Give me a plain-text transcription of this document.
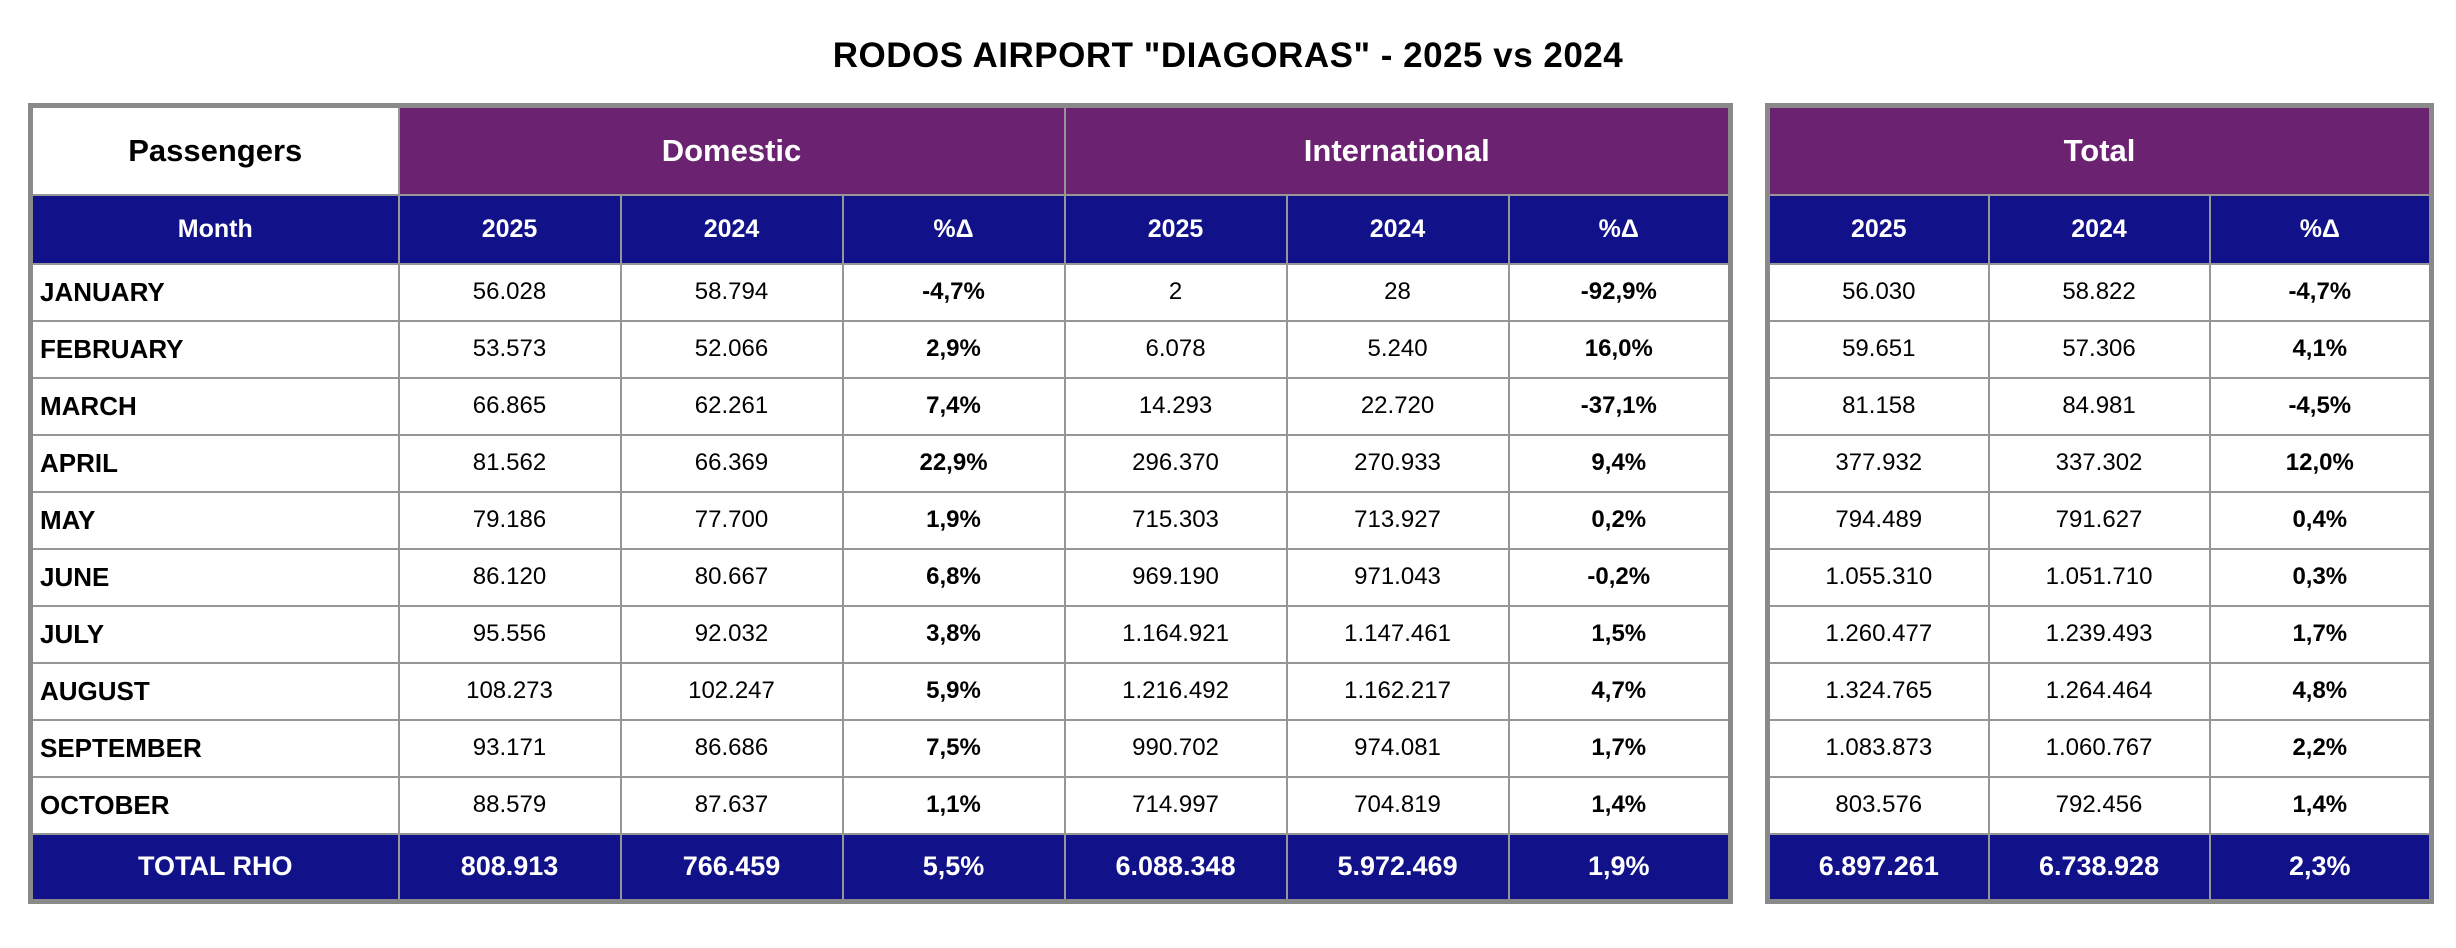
RODOS AIRPORT "DIAGORAS" - 2025 vs 2024
Passengers	Domestic			International		
Month	2025	2024	%Δ	2025	2024	%Δ
JANUARY	56.028	58.794	-4,7%	2	28	-92,9%
FEBRUARY	53.573	52.066	2,9%	6.078	5.240	16,0%
MARCH	66.865	62.261	7,4%	14.293	22.720	-37,1%
APRIL	81.562	66.369	22,9%	296.370	270.933	9,4%
MAY	79.186	77.700	1,9%	715.303	713.927	0,2%
JUNE	86.120	80.667	6,8%	969.190	971.043	-0,2%
JULY	95.556	92.032	3,8%	1.164.921	1.147.461	1,5%
AUGUST	108.273	102.247	5,9%	1.216.492	1.162.217	4,7%
SEPTEMBER	93.171	86.686	7,5%	990.702	974.081	1,7%
OCTOBER	88.579	87.637	1,1%	714.997	704.819	1,4%
TOTAL RHO	808.913	766.459	5,5%	6.088.348	5.972.469	1,9%
Total		
2025	2024	%Δ
56.030	58.822	-4,7%
59.651	57.306	4,1%
81.158	84.981	-4,5%
377.932	337.302	12,0%
794.489	791.627	0,4%
1.055.310	1.051.710	0,3%
1.260.477	1.239.493	1,7%
1.324.765	1.264.464	4,8%
1.083.873	1.060.767	2,2%
803.576	792.456	1,4%
6.897.261	6.738.928	2,3%
